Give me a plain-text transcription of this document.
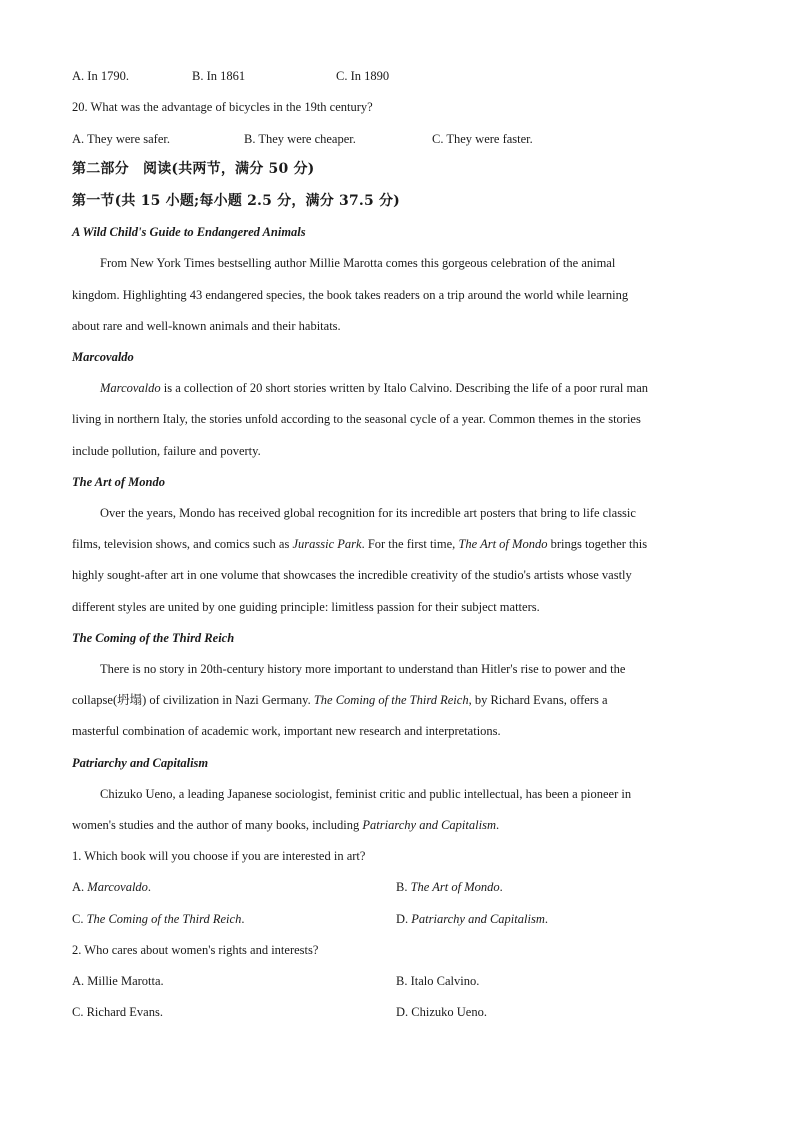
A. In 1790.	B. In 1861	C. In 1890
20. What was the advantage of bicycles in the 19th century?
A. They were safer.	B. They were cheaper.	C. They were faster.
第二部分　阅读(共两节，满分 50 分)
第一节(共 15 小题;每小题 2.5 分，满分 37.5 分)
A Wild Child's Guide to Endangered Animals
From New York Times bestselling author Millie Marotta comes this gorgeous celebration of the animal
kingdom. Highlighting 43 endangered species, the book takes readers on a trip around the world while learning
about rare and well-known animals and their habitats.
Marcovaldo
Marcovaldo is a collection of 20 short stories written by Italo Calvino. Describing the life of a poor rural man
living in northern Italy, the stories unfold according to the seasonal cycle of a year. Common themes in the stories
include pollution, failure and poverty.
The Art of Mondo
Over the years, Mondo has received global recognition for its incredible art posters that bring to life classic
films, television shows, and comics such as Jurassic Park. For the first time, The Art of Mondo brings together this
highly sought-after art in one volume that showcases the incredible creativity of the studio's artists whose vastly
different styles are united by one guiding principle: limitless passion for their subject matters.
The Coming of the Third Reich
There is no story in 20th-century history more important to understand than Hitler's rise to power and the
collapse(坍塌) of civilization in Nazi Germany. The Coming of the Third Reich, by Richard Evans, offers a
masterful combination of academic work, important new research and interpretations.
Patriarchy and Capitalism
Chizuko Ueno, a leading Japanese sociologist, feminist critic and public intellectual, has been a pioneer in
women's studies and the author of many books, including Patriarchy and Capitalism.
1. Which book will you choose if you are interested in art?
A. Marcovaldo.	B. The Art of Mondo.
C. The Coming of the Third Reich.	D. Patriarchy and Capitalism.
2. Who cares about women's rights and interests?
A. Millie Marotta.	B. Italo Calvino.
C. Richard Evans.	D. Chizuko Ueno.
